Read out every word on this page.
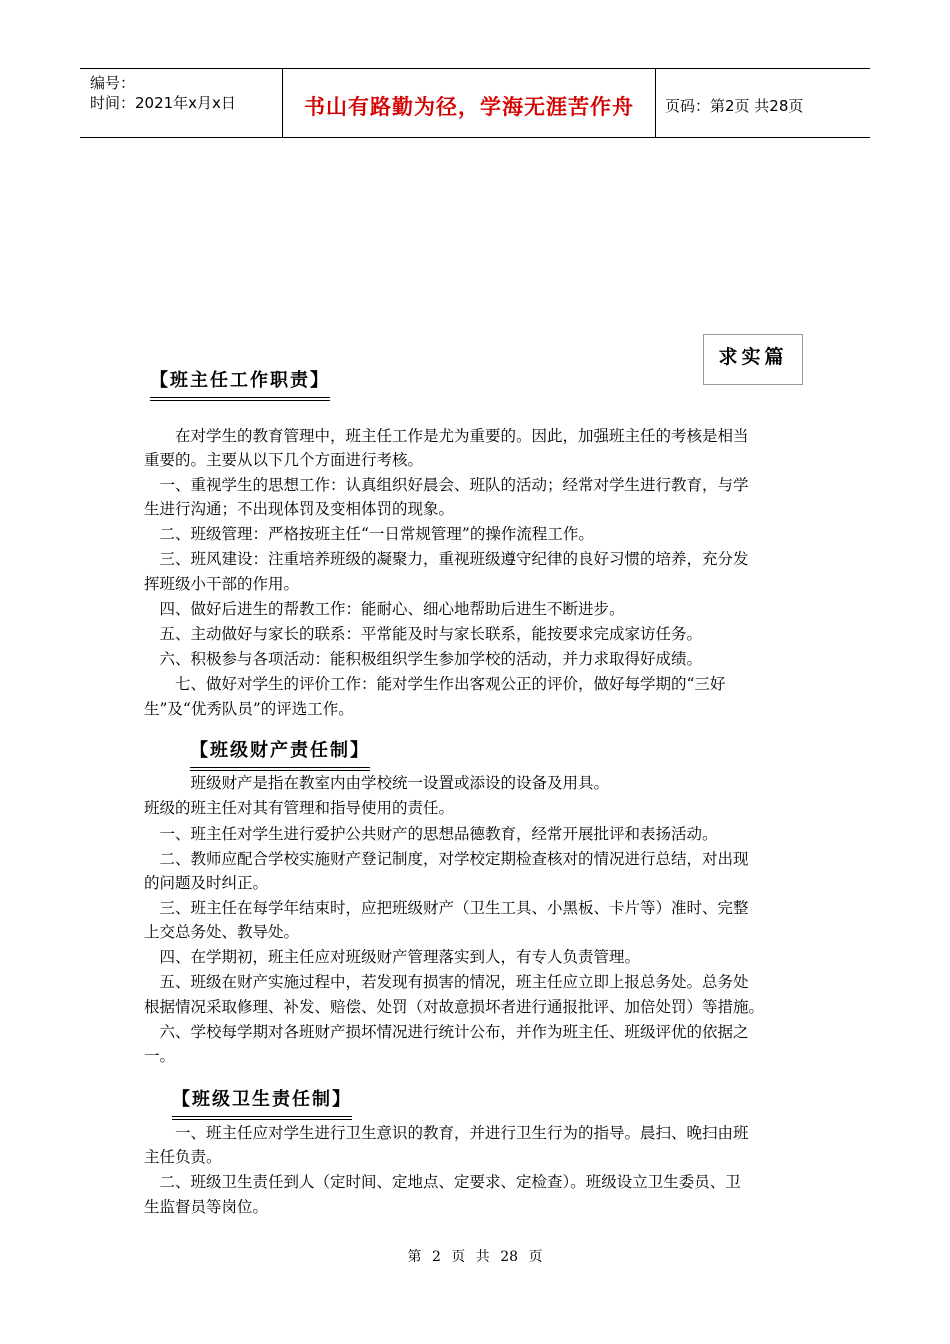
编号：
时间：2021年x月x日	书山有路勤为径，学海无涯苦作舟	页码：第2页 共28页
求实篇
【班主任工作职责】
　　在对学生的教育管理中，班主任工作是尤为重要的。因此，加强班主任的考核是相当
重要的。主要从以下几个方面进行考核。
　一、重视学生的思想工作：认真组织好晨会、班队的活动；经常对学生进行教育，与学
生进行沟通；不出现体罚及变相体罚的现象。
　二、班级管理：严格按班主任“一日常规管理”的操作流程工作。
　三、班风建设：注重培养班级的凝聚力，重视班级遵守纪律的良好习惯的培养，充分发
挥班级小干部的作用。
　四、做好后进生的帮教工作：能耐心、细心地帮助后进生不断进步。
　五、主动做好与家长的联系：平常能及时与家长联系，能按要求完成家访任务。
　六、积极参与各项活动：能积极组织学生参加学校的活动，并力求取得好成绩。
　　七、做好对学生的评价工作：能对学生作出客观公正的评价，做好每学期的“三好
生”及“优秀队员”的评选工作。
【班级财产责任制】
　　　班级财产是指在教室内由学校统一设置或添设的设备及用具。
班级的班主任对其有管理和指导使用的责任。
　一、班主任对学生进行爱护公共财产的思想品德教育，经常开展批评和表扬活动。
　二、教师应配合学校实施财产登记制度，对学校定期检查核对的情况进行总结，对出现
的问题及时纠正。
　三、班主任在每学年结束时，应把班级财产（卫生工具、小黑板、卡片等）准时、完整
上交总务处、教导处。
　四、在学期初，班主任应对班级财产管理落实到人，有专人负责管理。
　五、班级在财产实施过程中，若发现有损害的情况，班主任应立即上报总务处。总务处
根据情况采取修理、补发、赔偿、处罚（对故意损坏者进行通报批评、加倍处罚）等措施。
　六、学校每学期对各班财产损坏情况进行统计公布，并作为班主任、班级评优的依据之
一。
【班级卫生责任制】
　　一、班主任应对学生进行卫生意识的教育，并进行卫生行为的指导。晨扫、晚扫由班
主任负责。
　二、班级卫生责任到人（定时间、定地点、定要求、定检查）。班级设立卫生委员、卫
生监督员等岗位。
第 2 页 共 28 页
